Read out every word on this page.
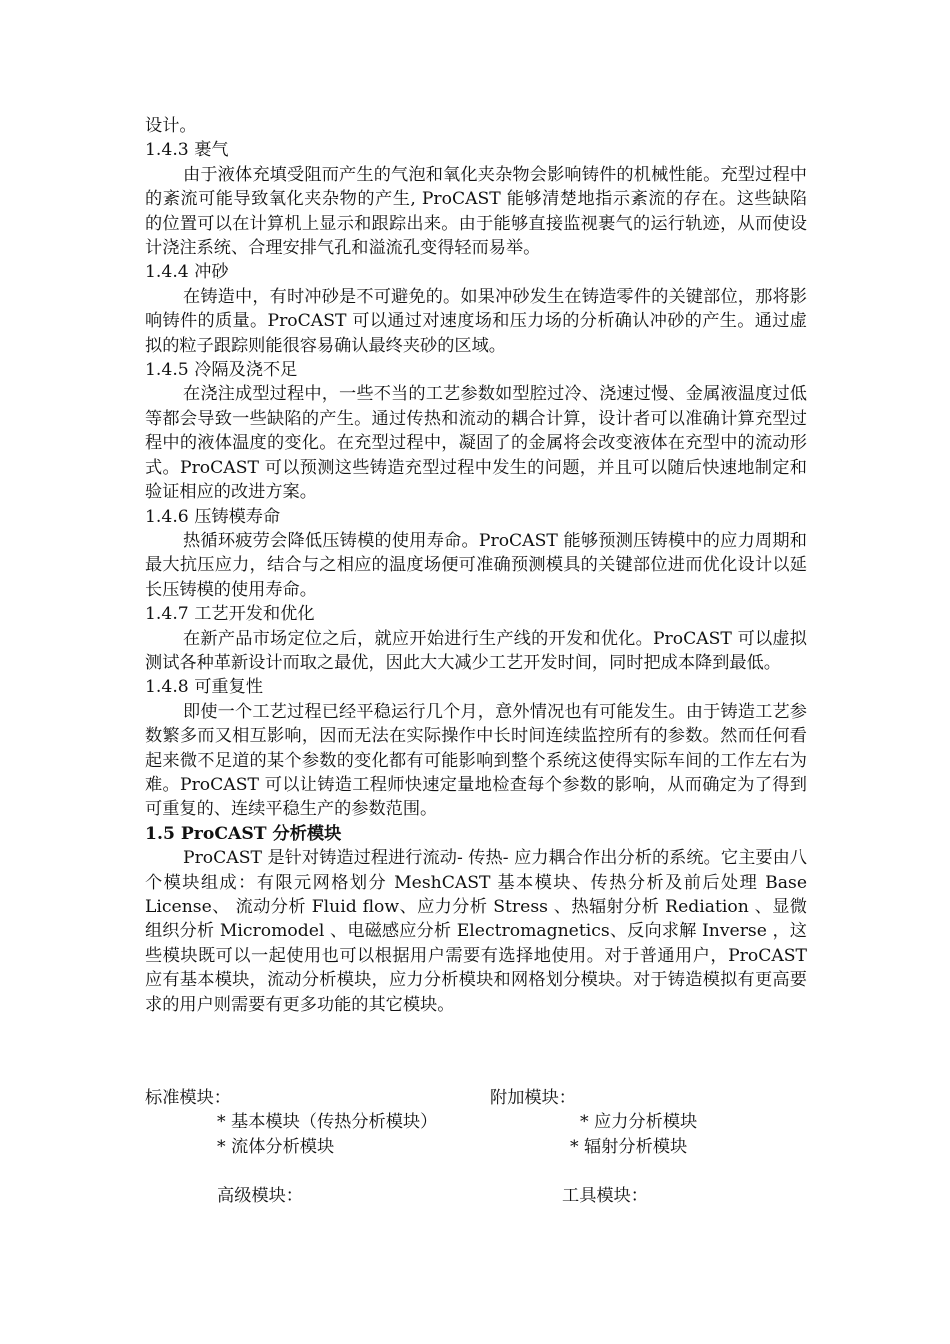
设计。
1.4.3 裹气

由于液体充填受阻而产生的气泡和氧化夹杂物会影响铸件的机械性能。充型过程中的紊流可能导致氧化夹杂物的产生, ProCAST 能够清楚地指示紊流的存在。这些缺陷的位置可以在计算机上显示和跟踪出来。由于能够直接监视裹气的运行轨迹，从而使设计浇注系统、合理安排气孔和溢流孔变得轻而易举。

1.4.4 冲砂

在铸造中，有时冲砂是不可避免的。如果冲砂发生在铸造零件的关键部位，那将影响铸件的质量。ProCAST 可以通过对速度场和压力场的分析确认冲砂的产生。通过虚拟的粒子跟踪则能很容易确认最终夹砂的区域。

1.4.5 冷隔及浇不足

在浇注成型过程中，一些不当的工艺参数如型腔过冷、浇速过慢、金属液温度过低等都会导致一些缺陷的产生。通过传热和流动的耦合计算，设计者可以准确计算充型过程中的液体温度的变化。在充型过程中，凝固了的金属将会改变液体在充型中的流动形式。ProCAST 可以预测这些铸造充型过程中发生的问题，并且可以随后快速地制定和验证相应的改进方案。

1.4.6 压铸模寿命

热循环疲劳会降低压铸模的使用寿命。ProCAST 能够预测压铸模中的应力周期和最大抗压应力，结合与之相应的温度场便可准确预测模具的关键部位进而优化设计以延长压铸模的使用寿命。

1.4.7 工艺开发和优化

在新产品市场定位之后，就应开始进行生产线的开发和优化。ProCAST 可以虚拟测试各种革新设计而取之最优，因此大大减少工艺开发时间，同时把成本降到最低。

1.4.8 可重复性

即使一个工艺过程已经平稳运行几个月，意外情况也有可能发生。由于铸造工艺参数繁多而又相互影响，因而无法在实际操作中长时间连续监控所有的参数。然而任何看起来微不足道的某个参数的变化都有可能影响到整个系统这使得实际车间的工作左右为难。ProCAST 可以让铸造工程师快速定量地检查每个参数的影响，从而确定为了得到可重复的、连续平稳生产的参数范围。

1.5 ProCAST 分析模块

ProCAST 是针对铸造过程进行流动- 传热- 应力耦合作出分析的系统。它主要由八个模块组成：有限元网格划分 MeshCAST 基本模块、传热分析及前后处理 Base License、 流动分析 Fluid flow、应力分析 Stress 、热辐射分析 Rediation 、显微组织分析 Micromodel 、电磁感应分析 Electromagnetics、反向求解 Inverse ，这些模块既可以一起使用也可以根据用户需要有选择地使用。对于普通用户，ProCAST 应有基本模块，流动分析模块，应力分析模块和网格划分模块。对于铸造模拟有更高要求的用户则需要有更多功能的其它模块。

标准模块：	附加模块：
* 基本模块（传热分析模块）	* 应力分析模块
* 流体分析模块	* 辐射分析模块
高级模块：	工具模块：
